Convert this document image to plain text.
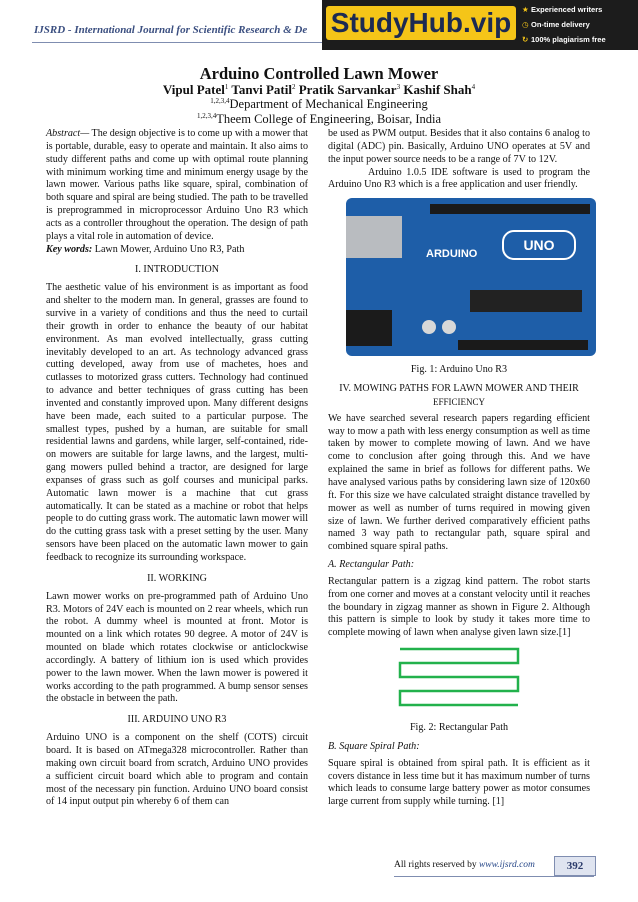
IJSRD - International Journal for Scientific Research & De StudyHub.vip	★ Experienced writers
◷ On-time delivery
↻ 100% plagiarism free
Arduino Controlled Lawn Mower
Vipul Patel$^1$ Tanvi Patil$^2$ Pratik Sarvankar$^3$ Kashif Shah$^4$
$^{1,2,3,4}$Department of Mechanical Engineering
$^{1,2,3,4}$Theem College of Engineering, Boisar, India

Abstract— The design objective is to come up with a mower that is portable, durable, easy to operate and maintain. It also aims to study different paths and come up with optimal route planning with minimum working time and minimum energy usage by the lawn mower. Various paths like square, spiral, combination of both square and spiral are being studied. The path to be travelled is preprogrammed in microprocessor Arduino Uno R3 which acts as a controller throughout the operation. The design of path plays a vital role in automation of device.

Key words: Lawn Mower, Arduino Uno R3, Path

I. INTRODUCTION

The aesthetic value of his environment is as important as food and shelter to the modern man. In general, grasses are found to survive in a variety of conditions and thus the need to curtail their growth in order to enhance the beauty of our habitat environment. As man evolved intellectually, grass cutting inevitably developed to an art. As technology advanced grass cutting developed, away from use of machetes, hoes and cutlasses to motorized grass cutters. Technology had continued to advance and better techniques of grass cutting has been invented and constantly improved upon. Many different designs have been made, each suited to a particular purpose. The smallest types, pushed by a human, are suitable for small residential lawns and gardens, while larger, self-contained, ride-on mowers are suitable for large lawns, and the largest, multi-gang mowers pulled behind a tractor, are designed for large expanses of grass such as golf courses and municipal parks. Automatic lawn mower is a machine that cut grass automatically. It can be stated as a machine or robot that helps people to do cutting grass work. The automatic lawn mower will do the cutting grass task with a preset setting by the user. Many sensors have been placed on the automatic lawn mower to gain feedback to recognize its surrounding workspace.

II. WORKING

Lawn mower works on pre-programmed path of Arduino Uno R3. Motors of 24V each is mounted on 2 rear wheels, which run the robot. A dummy wheel is mounted at front. Motor is mounted on a link which rotates 90 degree. A motor of 24V is mounted on blade which rotates clockwise or anticlockwise accordingly. A battery of lithium ion is used which provides power to the lawn mower. When the lawn mower is powered it works according to the path programmed. A bump sensor senses the obstacle in between the path.

III. ARDUINO UNO R3

Arduino UNO is a component on the shelf (COTS) circuit board. It is based on ATmega328 microcontroller. Rather than making own circuit board from scratch, Arduino UNO provides a sufficient circuit board which able to program and contain most of the necessary pin function. Arduino UNO board consist of 14 input output pin whereby 6 of them can

be used as PWM output. Besides that it also contains 6 analog to digital (ADC) pin. Basically, Arduino UNO operates at 5V and the input power source needs to be a range of 7V to 12V.

Arduino 1.0.5 IDE software is used to program the Arduino Uno R3 which is a free application and user friendly.

ARDUINO
UNO
Fig. 1: Arduino Uno R3
IV. MOWING PATHS FOR LAWN MOWER AND THEIR
EFFICIENCY

We have searched several research papers regarding efficient way to mow a path with less energy consumption as well as time taken by mower to complete mowing of lawn. And we have come to conclusion after going through this. And we have explained the same in brief as follows for different paths. We have analysed various paths by considering lawn size of 120x60 ft. For this size we have calculated straight distance travelled by mower as well as number of turns required in mowing given size of lawn. We further derived comparatively efficient paths named 3 way path to rectangular path, square spiral and combined square spiral paths.

A. Rectangular Path:

Rectangular pattern is a zigzag kind pattern. The robot starts from one corner and moves at a constant velocity until it reaches the boundary in zigzag manner as shown in Figure 2. Although this pattern is simple to look by study it takes more time to complete mowing of lawn when analyse given lawn size.[1]

Fig. 2: Rectangular Path
B. Square Spiral Path:

Square spiral is obtained from spiral path. It is efficient as it covers distance in less time but it has maximum number of turns which leads to consume large battery power as motor consumes large current from supply while turning. [1]

All rights reserved by www.ijsrd.com	392
